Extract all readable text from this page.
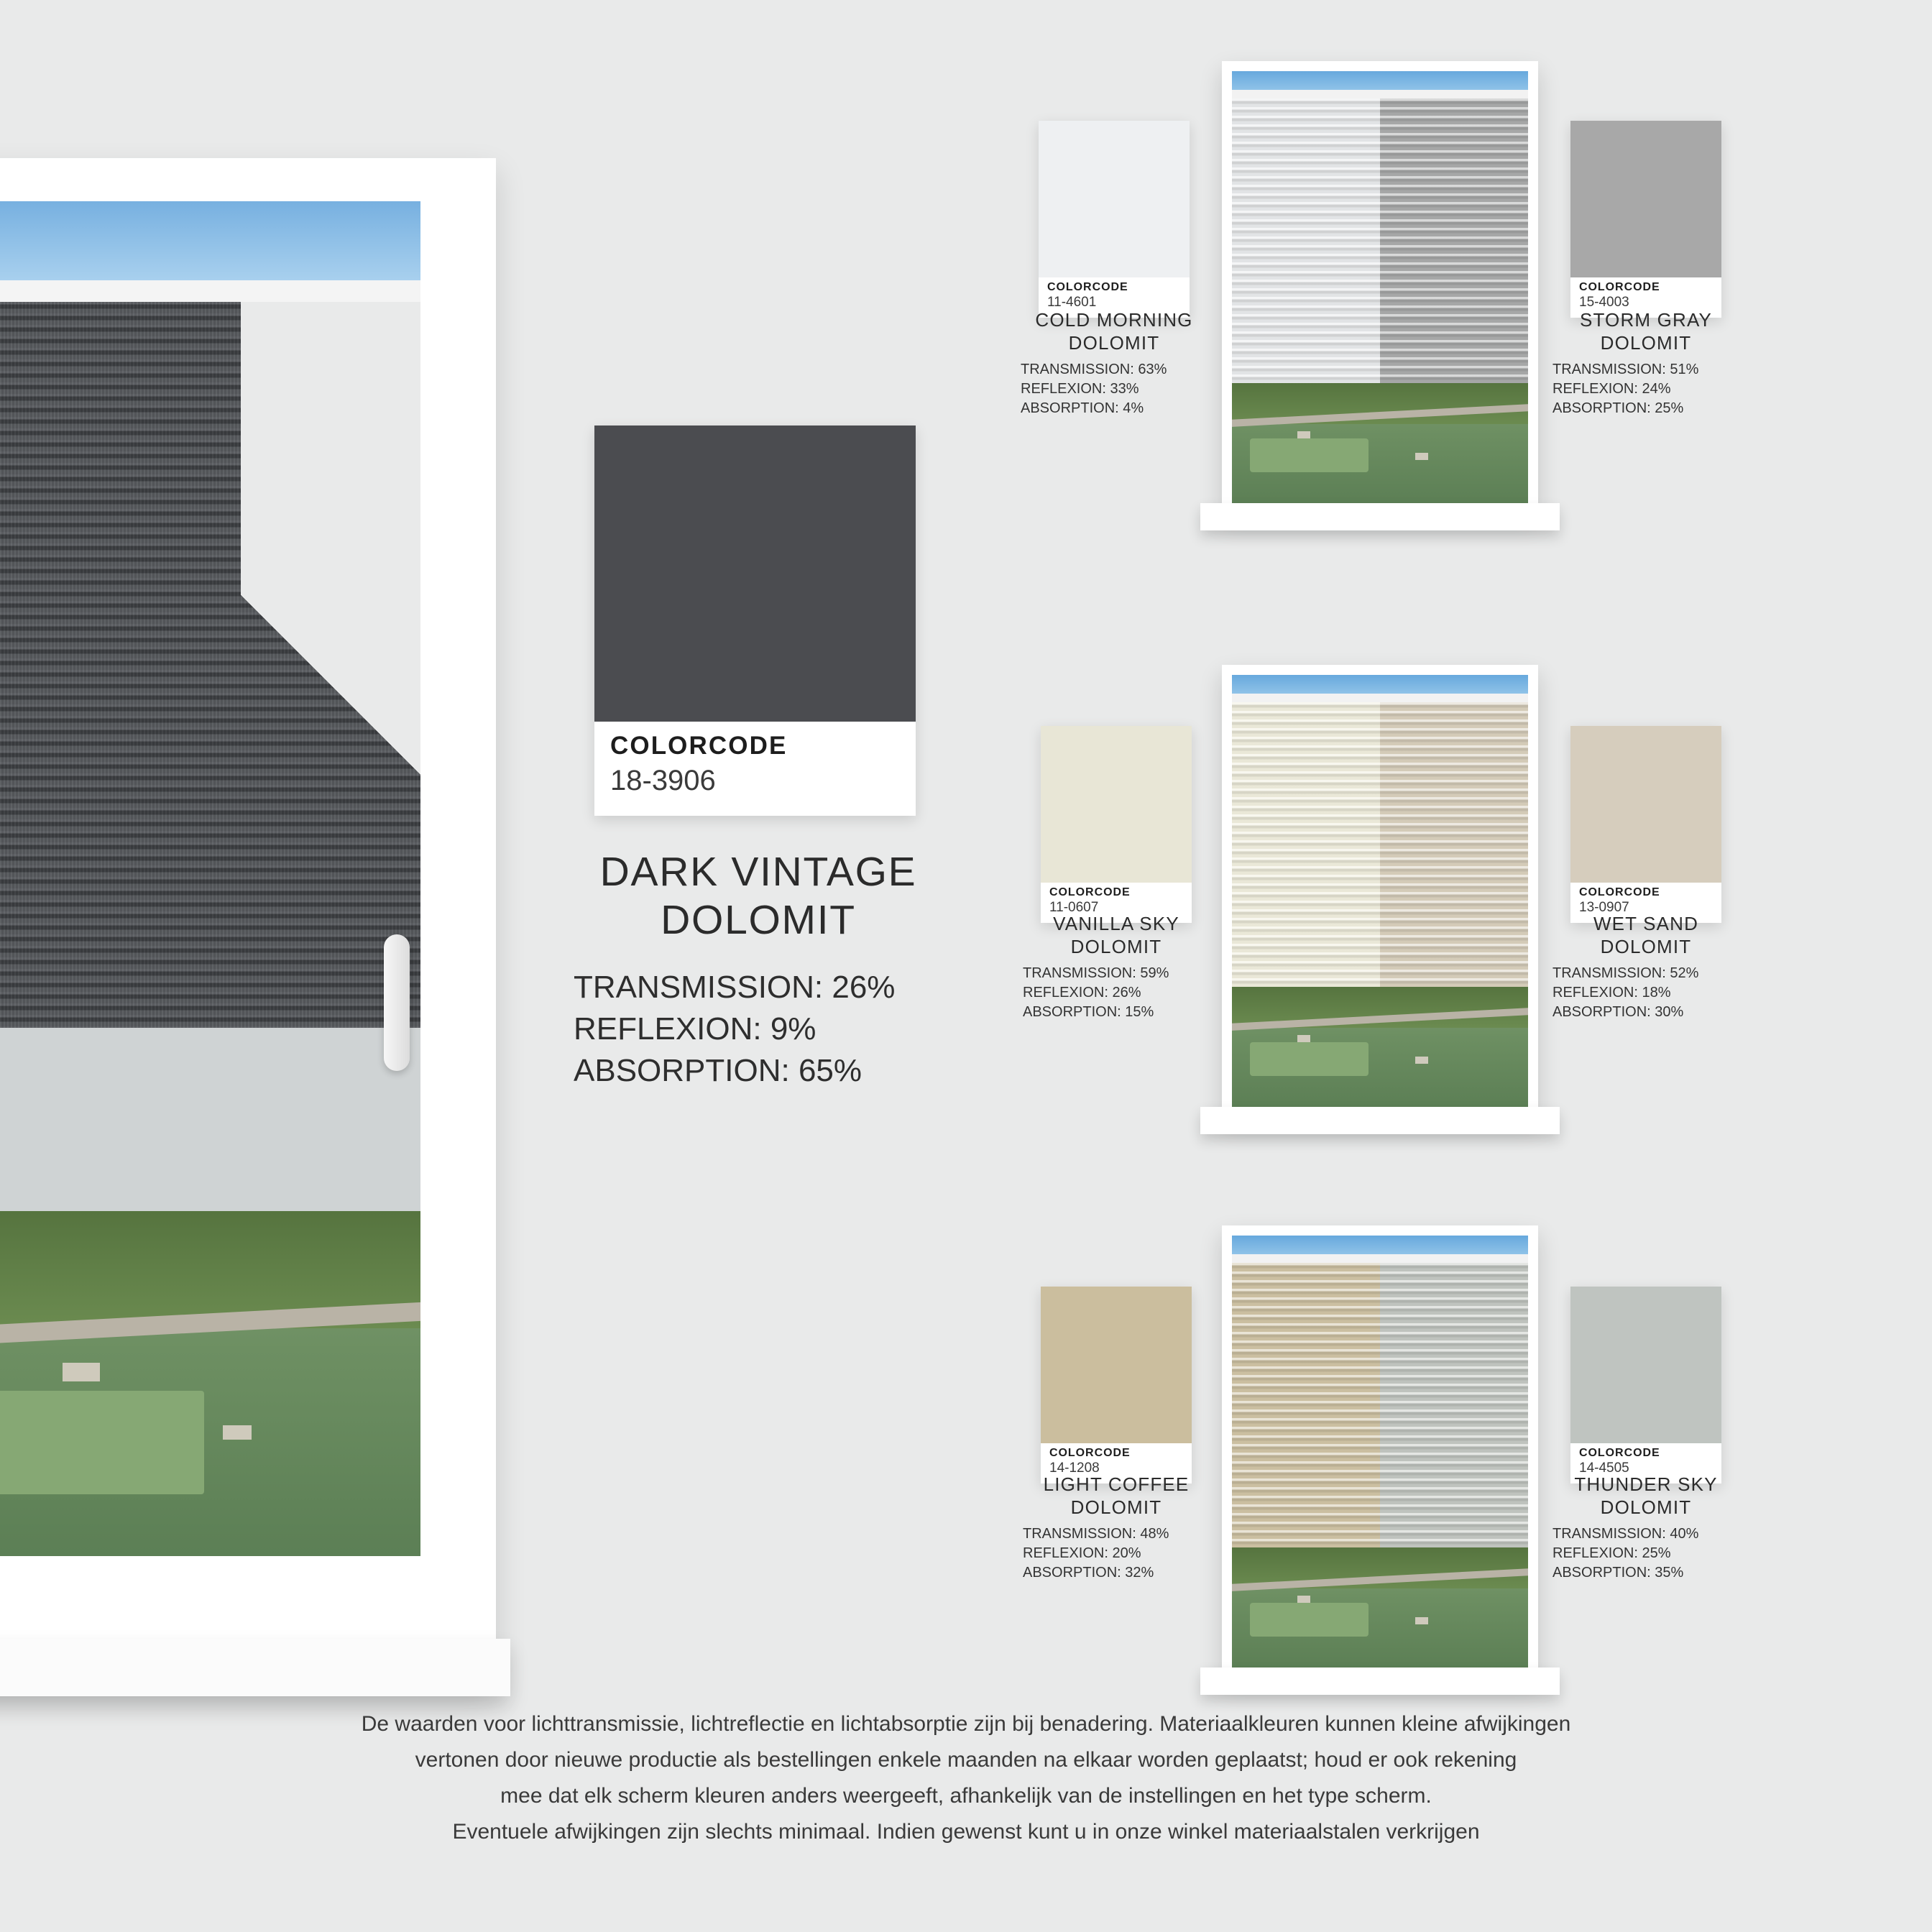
COLORCODE
18-3906
DARK VINTAGE
DOLOMIT
TRANSMISSION: 26%
REFLEXION: 9%
ABSORPTION: 65%
COLORCODE
11-4601
COLD MORNING
DOLOMIT
TRANSMISSION: 63%
REFLEXION: 33%
ABSORPTION: 4%
COLORCODE
15-4003
STORM GRAY
DOLOMIT
TRANSMISSION: 51%
REFLEXION: 24%
ABSORPTION: 25%
COLORCODE
11-0607
VANILLA SKY
DOLOMIT
TRANSMISSION: 59%
REFLEXION: 26%
ABSORPTION: 15%
COLORCODE
13-0907
WET SAND
DOLOMIT
TRANSMISSION: 52%
REFLEXION: 18%
ABSORPTION: 30%
COLORCODE
14-1208
LIGHT COFFEE
DOLOMIT
TRANSMISSION: 48%
REFLEXION: 20%
ABSORPTION: 32%
COLORCODE
14-4505
THUNDER SKY
DOLOMIT
TRANSMISSION: 40%
REFLEXION: 25%
ABSORPTION: 35%

De waarden voor lichttransmissie, lichtreflectie en lichtabsorptie zijn bij benadering. Materiaalkleuren kunnen kleine afwijkingen

vertonen door nieuwe productie als bestellingen enkele maanden na elkaar worden geplaatst; houd er ook rekening

mee dat elk scherm kleuren anders weergeeft, afhankelijk van de instellingen en het type scherm.

Eventuele afwijkingen zijn slechts minimaal. Indien gewenst kunt u in onze winkel materiaalstalen verkrijgen
